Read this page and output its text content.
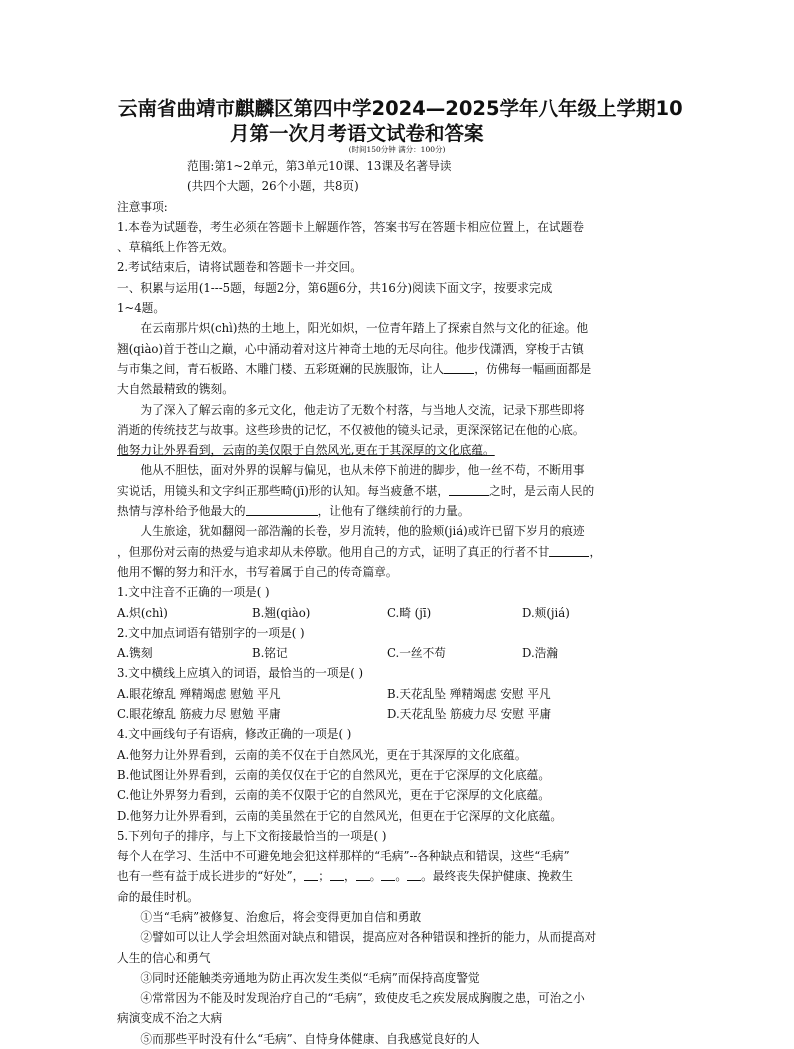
云南省曲靖市麒麟区第四中学2024—2025学年八年级上学期10
月第一次月考语文试卷和答案
(时间150分钟 满分：100分)

范围:第1~2单元，第3单元10课、13课及名著导读

(共四个大题，26个小题，共8页)

注意事项:

1.本卷为试题卷，考生必须在答题卡上解题作答，答案书写在答题卡相应位置上，在试题卷

、草稿纸上作答无效。

2.考试结束后，请将试题卷和答题卡一并交回。

一、积累与运用(1---5题，每题2分，第6题6分，共16分)阅读下面文字，按要求完成

1~4题。

在云南那片炽(chì)热的土地上，阳光如炽，一位青年踏上了探索自然与文化的征途。他

翘(qiào)首于苍山之巅，心中涌动着对这片神奇土地的无尽向往。他步伐潇洒，穿梭于古镇

与市集之间，青石板路、木雕门楼、五彩斑斓的民族服饰，让人	，仿佛每一幅画面都是

大自然最精致的镌刻。

为了深入了解云南的多元文化，他走访了无数个村落，与当地人交流，记录下那些即将

消逝的传统技艺与故事。这些珍贵的记忆，不仅被他的镜头记录，更深深铭记在他的心底。

他努力让外界看到，云南的美仅限于自然风光,更在于其深厚的文化底蕴。

他从不胆怯，面对外界的误解与偏见，也从未停下前进的脚步，他一丝不苟，不断用事

实说话，用镜头和文字纠正那些畸(jī)形的认知。每当疲惫不堪，	之时，是云南人民的

热情与淳朴给予他最大的	，让他有了继续前行的力量。

人生旅途，犹如翻阅一部浩瀚的长卷，岁月流转，他的脸颊(jiá)或许已留下岁月的痕迹

，但那份对云南的热爱与追求却从未停歇。他用自己的方式，证明了真正的行者不甘	，

他用不懈的努力和汗水，书写着属于自己的传奇篇章。

1.文中注音不正确的一项是( )

A.炽(chì)	B.翘(qiào)	C.畸 (jī)	D.颊(jiá)

2.文中加点词语有错别字的一项是( )

A.镌刻	B.铭记	C.一丝不苟	D.浩瀚

3.文中横线上应填入的词语，最恰当的一项是( )

A.眼花缭乱 殚精竭虑 慰勉 平凡	B.天花乱坠 殚精竭虑 安慰 平凡

C.眼花缭乱 筋疲力尽 慰勉 平庸	D.天花乱坠 筋疲力尽 安慰 平庸

4.文中画线句子有语病，修改正确的一项是( )

A.他努力让外界看到，云南的美不仅在于自然风光，更在于其深厚的文化底蕴。

B.他试图让外界看到，云南的美仅仅在于它的自然风光，更在于它深厚的文化底蕴。

C.他让外界努力看到，云南的美不仅限于它的自然风光，更在于它深厚的文化底蕴。

D.他努力让外界看到，云南的美虽然在于它的自然风光，但更在于它深厚的文化底蕴。

5.下列句子的排序，与上下文衔接最恰当的一项是( )

每个人在学习、生活中不可避免地会犯这样那样的“毛病”--各种缺点和错误，这些“毛病”

也有一些有益于成长进步的“好处”， ； ， 。 。 。最终丧失保护健康、挽救生

命的最佳时机。

①当“毛病”被修复、治愈后，将会变得更加自信和勇敢

②譬如可以让人学会坦然面对缺点和错误，提高应对各种错误和挫折的能力，从而提高对

人生的信心和勇气

③同时还能触类旁通地为防止再次发生类似“毛病”而保持高度警觉

④常常因为不能及时发现治疗自己的“毛病”，致使皮毛之疾发展成胸腹之患，可治之小

病演变成不治之大病

⑤而那些平时没有什么“毛病”、自恃身体健康、自我感觉良好的人
